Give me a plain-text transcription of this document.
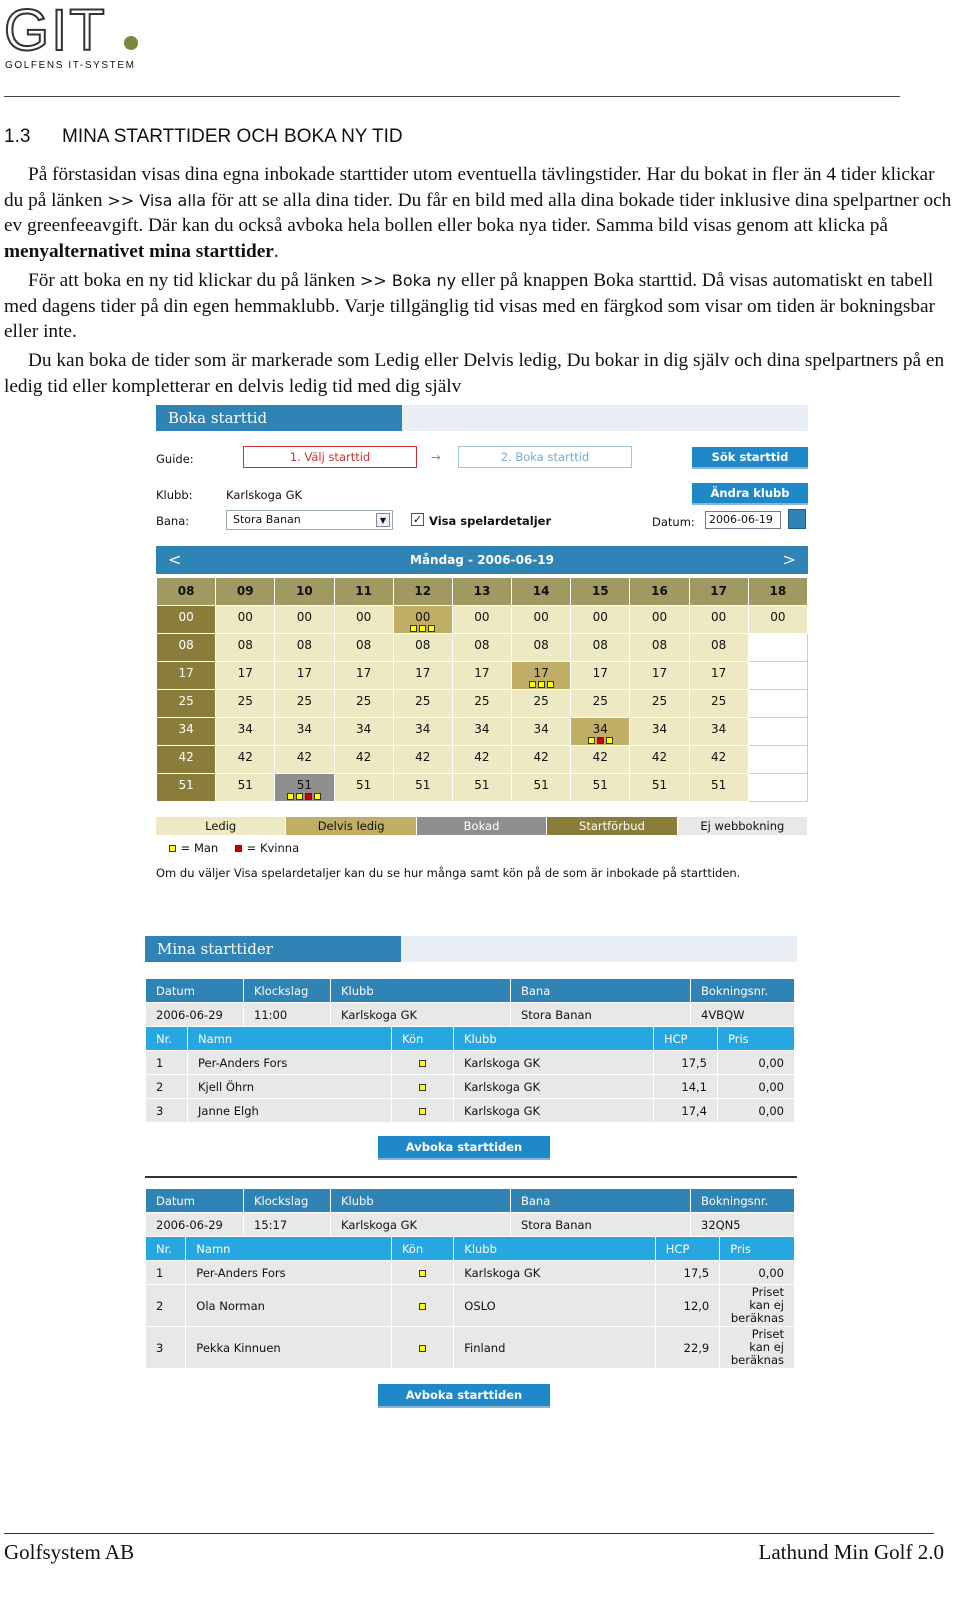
GIT
GOLFENS IT-SYSTEM
1.3 MINA STARTTIDER OCH BOKA NY TID
På förstasidan visas dina egna inbokade starttider utom eventuella tävlingstider. Har du bokat in fler än 4 tider klickar du på länken >> Visa alla för att se alla dina tider. Du får en bild med alla dina bokade tider inklusive dina spelpartner och ev greenfeeavgift. Där kan du också avboka hela bollen eller boka nya tider. Samma bild visas genom att klicka på menyalternativet mina starttider.
För att boka en ny tid klickar du på länken >> Boka ny eller på knappen Boka starttid. Då visas automatiskt en tabell med dagens tider på din egen hemmaklubb. Varje tillgänglig tid visas med en färgkod som visar om tiden är bokningsbar eller inte.
Du kan boka de tider som är markerade som Ledig eller Delvis ledig, Du bokar in dig själv och dina spelpartners på en ledig tid eller kompletterar en delvis ledig tid med dig själv
Boka starttid
Guide:	1. Välj starttid	→	2. Boka starttid	Sök starttid
Klubb:	Karlskoga GK	Ändra klubb
Bana:	Stora Banan	▼	✓ Visa spelardetaljer	Datum:	2006-06-19
<	Måndag - 2006-06-19	>
08	09	10	11	12	13	14	15	16	17	18
00	00	00	00	00	00	00	00	00	00	00
08	08	08	08	08	08	08	08	08	08	
17	17	17	17	17	17	17	17	17	17	
25	25	25	25	25	25	25	25	25	25	
34	34	34	34	34	34	34	34	34	34	
42	42	42	42	42	42	42	42	42	42	
51	51	51	51	51	51	51	51	51	51	
Ledig	Delvis ledig	Bokad	Startförbud	Ej webbokning
= Man	= Kvinna
Om du väljer Visa spelardetaljer kan du se hur många samt kön på de som är inbokade på starttiden.
Mina starttider
Datum	Klockslag	Klubb	Bana	Bokningsnr.
2006-06-29	11:00	Karlskoga GK	Stora Banan	4VBQW
Nr.	Namn	Kön	Klubb	HCP	Pris
1	Per-Anders Fors		Karlskoga GK	17,5	0,00
2	Kjell Öhrn		Karlskoga GK	14,1	0,00
3	Janne Elgh		Karlskoga GK	17,4	0,00
Avboka starttiden
Datum	Klockslag	Klubb	Bana	Bokningsnr.
2006-06-29	15:17	Karlskoga GK	Stora Banan	32QN5
Nr.	Namn	Kön	Klubb	HCP	Pris
1	Per-Anders Fors		Karlskoga GK	17,5	0,00
2	Ola Norman		OSLO	12,0	Priset kan ej beräknas
3	Pekka Kinnuen		Finland	22,9	Priset kan ej beräknas
Avboka starttiden
Golfsystem AB	Lathund Min Golf 2.0
